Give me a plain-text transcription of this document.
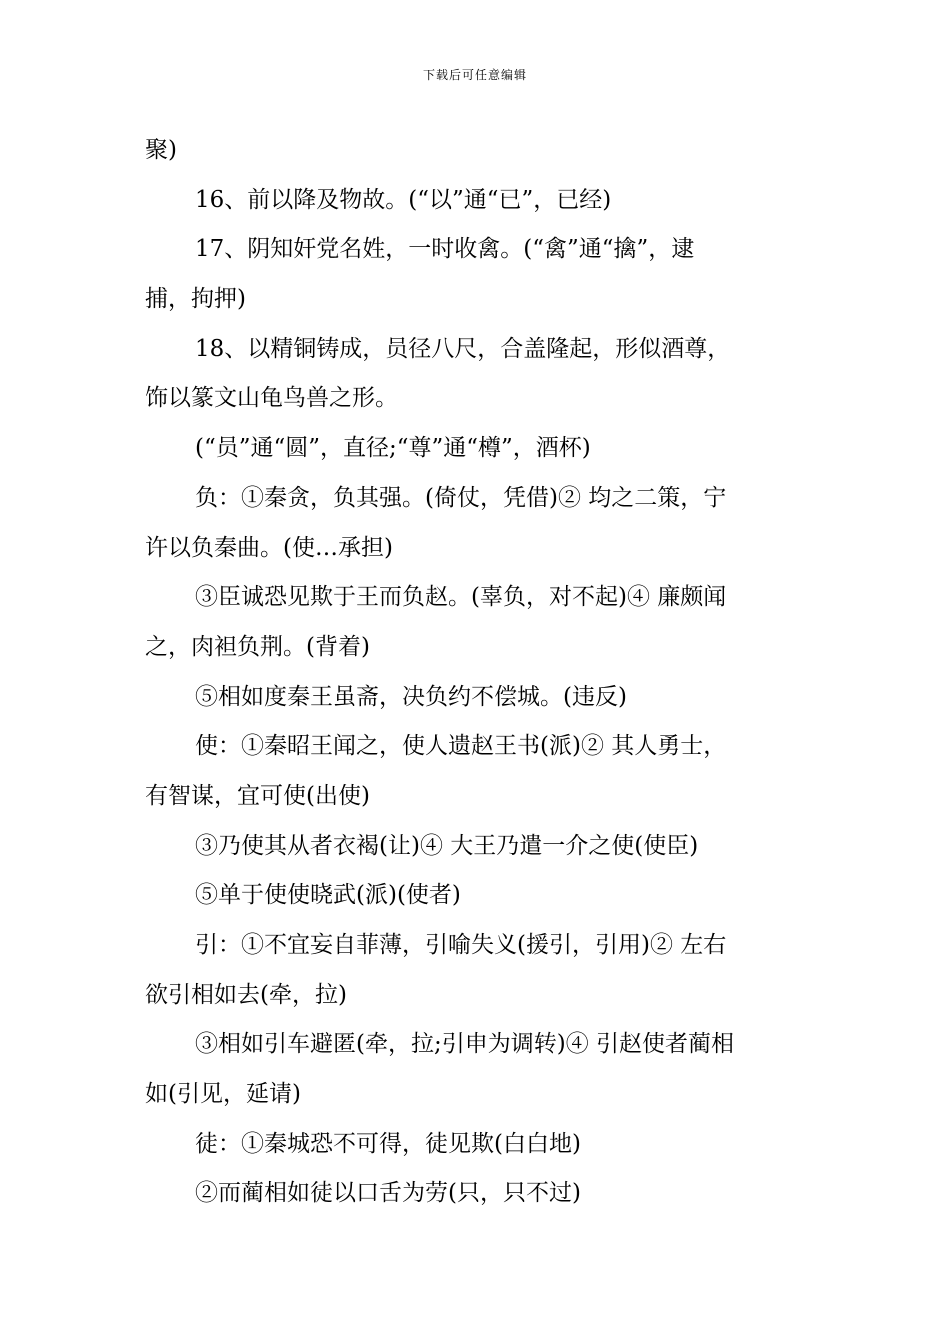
下载后可任意编辑
聚)
16、前以降及物故。(“以”通“已”，已经)
17、阴知奸党名姓，一时收禽。(“禽”通“擒”，逮
捕，拘押)
18、以精铜铸成，员径八尺，合盖隆起，形似酒尊，
饰以篆文山龟鸟兽之形。
(“员”通“圆”，直径;“尊”通“樽”，酒杯)
负：①秦贪，负其强。(倚仗，凭借)② 均之二策，宁
许以负秦曲。(使…承担)
③臣诚恐见欺于王而负赵。(辜负，对不起)④ 廉颇闻
之，肉袒负荆。(背着)
⑤相如度秦王虽斋，决负约不偿城。(违反)
使：①秦昭王闻之，使人遗赵王书(派)② 其人勇士，
有智谋，宜可使(出使)
③乃使其从者衣褐(让)④ 大王乃遣一介之使(使臣)
⑤单于使使晓武(派)(使者)
引：①不宜妄自菲薄，引喻失义(援引，引用)② 左右
欲引相如去(牵，拉)
③相如引车避匿(牵，拉;引申为调转)④ 引赵使者蔺相
如(引见，延请)
徒：①秦城恐不可得，徒见欺(白白地)
②而蔺相如徒以口舌为劳(只，只不过)
